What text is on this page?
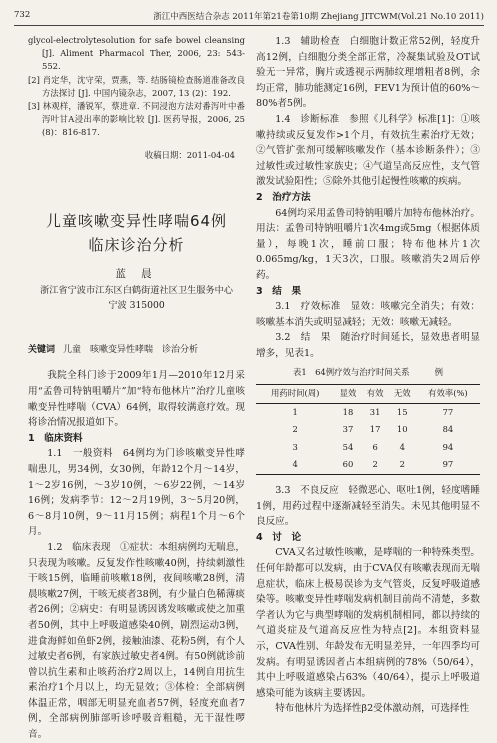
732	浙江中西医结合杂志 2011年第21卷第10期 Zhejiang JITCWM(Vol.21 No.10 2011)

glycol-electrolytesolution for safe bowel cleansing [J]. Aliment Pharmacol Ther, 2006, 23: 543-552.

[2] 肖定华，沈守荣，贾燕，等. 结肠镜检查肠道准备改良方法探讨 [J]. 中国内镜杂志，2007, 13 (2)：192.

[3] 林观样，潘锐军，蔡进章. 不同浸泡方法对番泻叶中番泻叶甘A浸出率的影响比较 [J]. 医药导报，2006, 25 (8)：816-817.

收稿日期：2011-04-04

儿童咳嗽变异性哮喘64例
临床诊治分析
蓝 晨
浙江省宁波市江东区白鹤街道社区卫生服务中心
宁波 315000
关键词 儿童　咳嗽变异性哮喘　诊治分析

我院全科门诊于2009年1月—2010年12月采用“孟鲁司特钠咀嚼片”加“特布他林片”治疗儿童咳嗽变异性哮喘（CVA）64例，取得较满意疗效。现将诊治情况报道如下。

1　临床资料

1.1　一般资料　64例均为门诊咳嗽变异性哮喘患儿，男34例，女30例，年龄12个月～14岁，1～2岁16例，～3岁10例，～6岁22例，～14岁16例；发病季节：12～2月19例，3～5月20例，6～8月10例，9～11月15例；病程1个月～6个月。

1.2　临床表现　①症状：本组病例均无喘息，只表现为咳嗽。反复发作性咳嗽40例，持续刺激性干咳15例，临睡前咳嗽18例，夜间咳嗽28例，清晨咳嗽27例，干咳无痰者38例，有少量白色稀薄痰者26例；②病史：有明显诱因诱发咳嗽或使之加重者50例，其中上呼吸道感染40例，剧烈运动3例，进食海鲜如鱼虾2例，接触油漆、花粉5例，有个人过敏史者6例，有家族过敏史者4例。有50例就诊前曾以抗生素和止咳药治疗2周以上，14例自用抗生素治疗1个月以上，均无显效；③体检：全部病例体温正常，咽部无明显充血者57例，轻度充血者7例，全部病例肺部听诊呼吸音粗糙，无干湿性啰音。

1.3　辅助检查　白细胞计数正常52例，轻度升高12例，白细胞分类全部正常，冷凝集试验及OT试验无一异常，胸片或透视示两肺纹理增粗者8例，余均正常，肺功能测定16例，FEV1为预计值的60%～80%者5例。

1.4　诊断标准　参照《儿科学》标准[1]：①咳嗽持续或反复发作>1个月，有效抗生素治疗无效；②气管扩张剂可缓解咳嗽发作（基本诊断条件）；③过敏性或过敏性家族史；④气道呈高反应性，支气管激发试验阳性；⑤除外其他引起慢性咳嗽的疾病。

2　治疗方法

64例均采用孟鲁司特钠咀嚼片加特布他林治疗。用法：孟鲁司特钠咀嚼片1次4mg或5mg（根据体质量），每晚1次，睡前口服；特布他林片1次0.065mg/kg，1天3次，口服。咳嗽消失2周后停药。

3　结　果

3.1　疗效标准　显效：咳嗽完全消失；有效：咳嗽基本消失或明显减轻；无效：咳嗽无减轻。

3.2　结　果　随治疗时间延长，显效患者明显增多，见表1。

表1　64例疗效与治疗时间关系　　　例
用药时间(周)	显效	有效	无效	有效率(%)
1	18	31	15	77
2	37	17	10	84
3	54	6	4	94
4	60	2	2	97

3.3　不良反应　轻微恶心、呕吐1例，轻度嗜睡1例，用药过程中逐渐减轻至消失。未见其他明显不良反应。

4　讨　论

CVA又名过敏性咳嗽，是哮喘的一种特殊类型。任何年龄都可以发病，由于CVA仅有咳嗽表现而无喘息症状，临床上极易误诊为支气管炎，反复呼吸道感染等。咳嗽变异性哮喘发病机制目前尚不清楚，多数学者认为它与典型哮喘的发病机制相同，都以持续的气道炎症及气道高反应性为特点[2]。本组资料显示，CVA性别、年龄发布无明显差异，一年四季均可发病。有明显诱因者占本组病例的78%（50/64），其中上呼吸道感染占63%（40/64），提示上呼吸道感染可能为该病主要诱因。

特布他林片为选择性β2受体激动剂，可选择性
